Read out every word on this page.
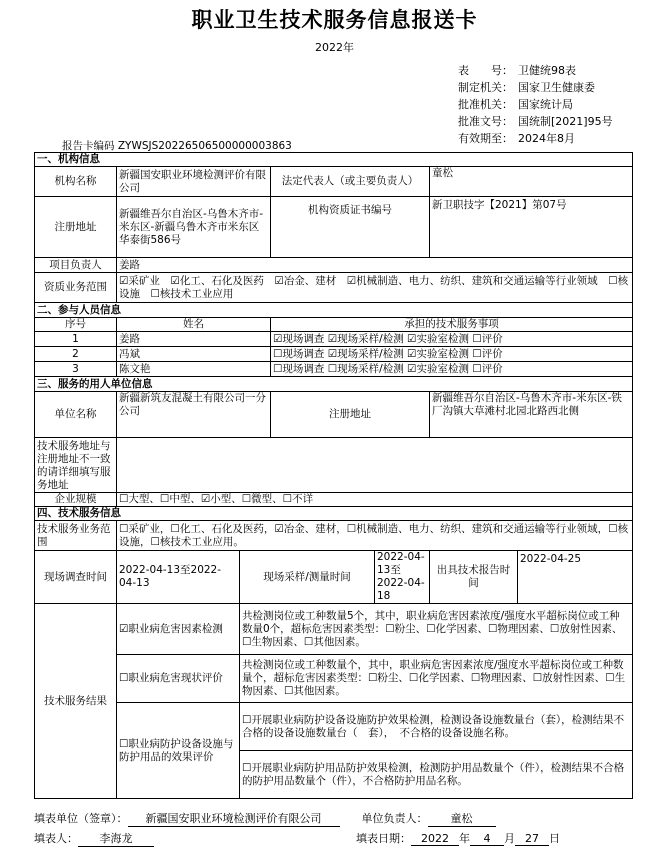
职业卫生技术服务信息报送卡
2022年
表　　号： 卫健统98表
制定机关： 国家卫生健康委
批准机关： 国家统计局
批准文号： 国统制[2021]95号
有效期至： 2024年8月
报告卡编码 ZYWSJS20226506500000003863
一、机构信息						
机构名称	新疆国安职业环境检测评价有限公司		法定代表人（或主要负责人）		童松	
注册地址	新疆维吾尔自治区-乌鲁木齐市-米东区-新疆乌鲁木齐市米东区华泰街586号		机构资质证书编号		新卫职技字【2021】第07号	
项目负责人	姜路					
资质业务范围	☑采矿业　☑化工、石化及医药　☑冶金、建材　☑机械制造、电力、纺织、建筑和交通运输等行业领域　☐核设施　☐核技术工业应用					
二、参与人员信息						
序号	姓名		承担的技术服务事项			
1	姜路		☑现场调查 ☑现场采样/检测 ☑实验室检测 ☐评价			
2	冯斌		☐现场调查 ☑现场采样/检测 ☑实验室检测 ☐评价			
3	陈文艳		☐现场调查 ☐现场采样/检测 ☑实验室检测 ☐评价			
三、服务的用人单位信息						
单位名称	新疆新筑友混凝土有限公司一分公司		注册地址		新疆维吾尔自治区-乌鲁木齐市-米东区-铁厂沟镇大草滩村北园北路西北侧	
技术服务地址与注册地址不一致的请详细填写服务地址						
企业规模	☐大型、☐中型、☑小型、☐微型、☐不详					
四、技术服务信息						
技术服务业务范围	☐采矿业，☐化工、石化及医药，☑冶金、建材，☐机械制造、电力、纺织、建筑和交通运输等行业领域，☐核设施，☐核技术工业应用。					
现场调查时间	2022-04-13至2022-04-13	现场采样/测量时间		2022-04-13至2022-04-18	出具技术报告时间	2022-04-25
技术服务结果	☑职业病危害因素检测	共检测岗位或工种数量5个，其中，职业病危害因素浓度/强度水平超标岗位或工种数量0个，超标危害因素类型：☐粉尘、☐化学因素、☐物理因素、☐放射性因素、☐生物因素、☐其他因素。				
	☐职业病危害现状评价	共检测岗位或工种数量个，其中，职业病危害因素浓度/强度水平超标岗位或工种数量个，超标危害因素类型：☐粉尘、☐化学因素、☐物理因素、☐放射性因素、☐生物因素、☐其他因素。				
	☐职业病防护设备设施与防护用品的效果评价	☐开展职业病防护设备设施防护效果检测，检测设备设施数量台（套），检测结果不合格的设备设施数量台（　套），　不合格的设备设施名称。				
		☐开展职业病防护用品防护效果检测，检测防护用品数量个（件），检测结果不合格的防护用品数量个（件），不合格防护用品名称。				
填表单位（签章）： 新疆国安职业环境检测评价有限公司	单位负责人： 童松
填表人： 李海龙	填表日期： 2022 年 4 月 27 日
